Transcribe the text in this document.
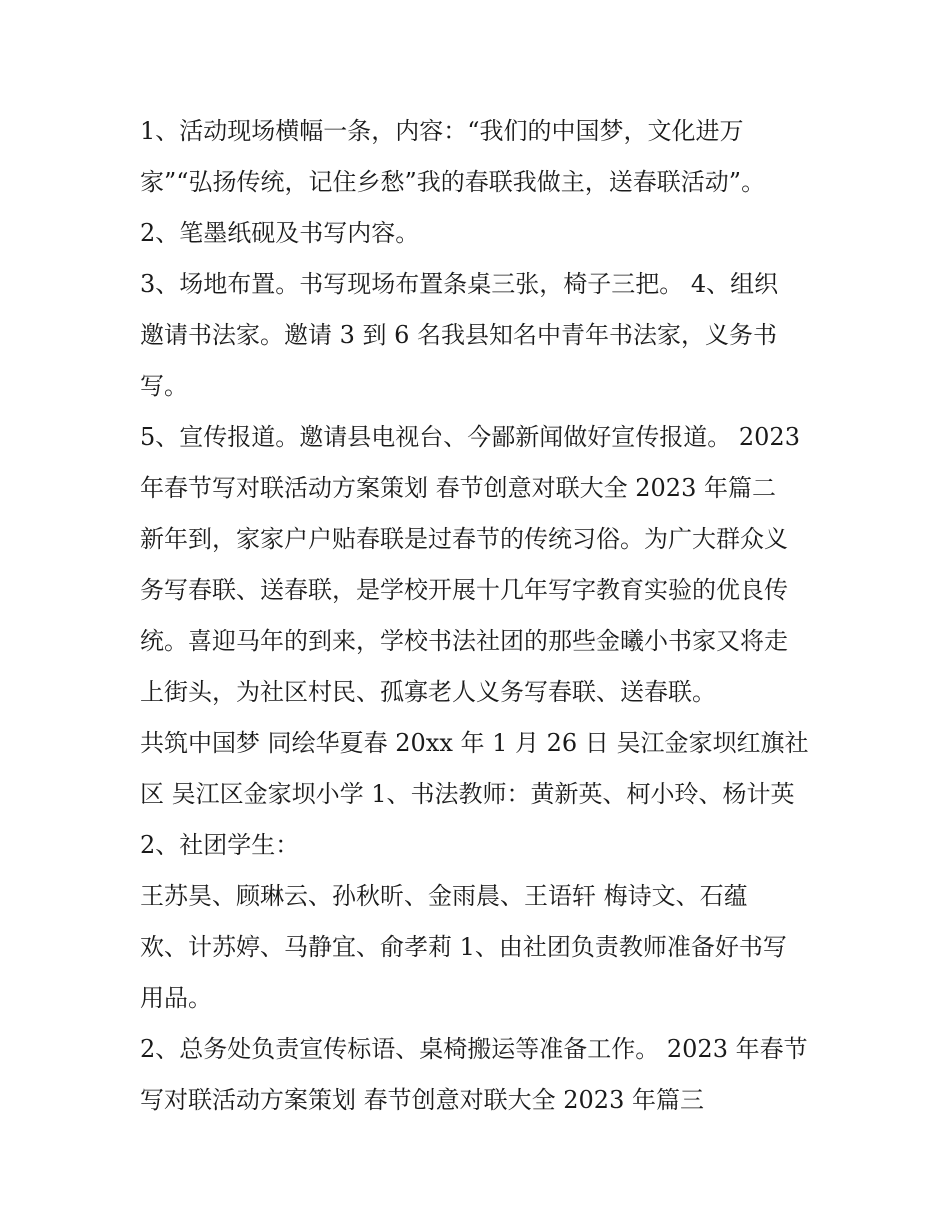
1、活动现场横幅一条，内容：“我们的中国梦，文化进万
家”“弘扬传统，记住乡愁”我的春联我做主，送春联活动”。
2、笔墨纸砚及书写内容。
3、场地布置。书写现场布置条桌三张，椅子三把。 4、组织
邀请书法家。邀请 3 到 6 名我县知名中青年书法家，义务书
写。
5、宣传报道。邀请县电视台、今鄙新闻做好宣传报道。 2023
年春节写对联活动方案策划 春节创意对联大全 2023 年篇二
新年到，家家户户贴春联是过春节的传统习俗。为广大群众义
务写春联、送春联，是学校开展十几年写字教育实验的优良传
统。喜迎马年的到来，学校书法社团的那些金曦小书家又将走
上街头，为社区村民、孤寡老人义务写春联、送春联。
共筑中国梦 同绘华夏春 20xx 年 1 月 26 日 吴江金家坝红旗社
区 吴江区金家坝小学 1、书法教师：黄新英、柯小玲、杨计英
2、社团学生：
王苏昊、顾琳云、孙秋昕、金雨晨、王语轩 梅诗文、石蕴
欢、计苏婷、马静宜、俞孝莉 1、由社团负责教师准备好书写
用品。
2、总务处负责宣传标语、桌椅搬运等准备工作。 2023 年春节
写对联活动方案策划 春节创意对联大全 2023 年篇三
